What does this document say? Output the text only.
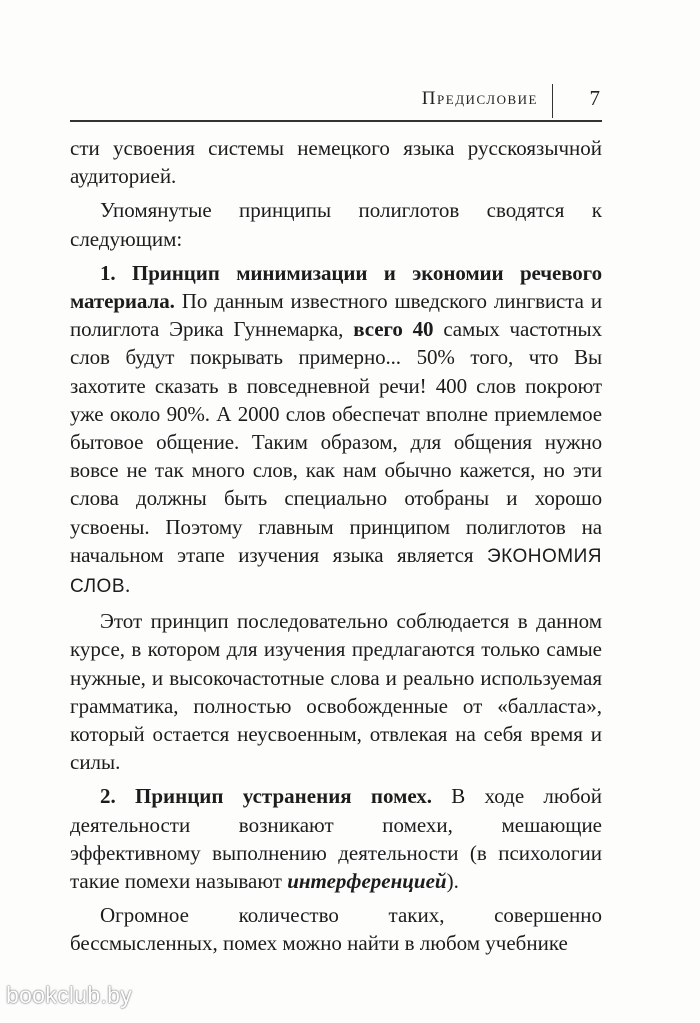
Предисловие 7

сти усвоения системы немецкого языка русскоязычной аудиторией.

Упомянутые принципы полиглотов сводятся к следующим:

1. Принцип минимизации и экономии речевого материала. По данным известного шведского лингвиста и полиглота Эрика Гуннемарка, всего 40 самых частотных слов будут покрывать примерно... 50% того, что Вы захотите сказать в повседневной речи! 400 слов покроют уже около 90%. А 2000 слов обеспечат вполне приемлемое бытовое общение. Таким образом, для общения нужно вовсе не так много слов, как нам обычно кажется, но эти слова должны быть специально отобраны и хорошо усвоены. Поэтому главным принципом полиглотов на начальном этапе изучения языка является ЭКОНОМИЯ СЛОВ.

Этот принцип последовательно соблюдается в данном курсе, в котором для изучения предлагаются только самые нужные, и высокочастотные слова и реально используемая грамматика, полностью освобожденные от «балласта», который остается неусвоенным, отвлекая на себя время и силы.

2. Принцип устранения помех. В ходе любой деятельности возникают помехи, мешающие эффективному выполнению деятельности (в психологии такие помехи называют интерференцией).

Огромное количество таких, совершенно бессмысленных, помех можно найти в любом учебнике

bookclub.by
